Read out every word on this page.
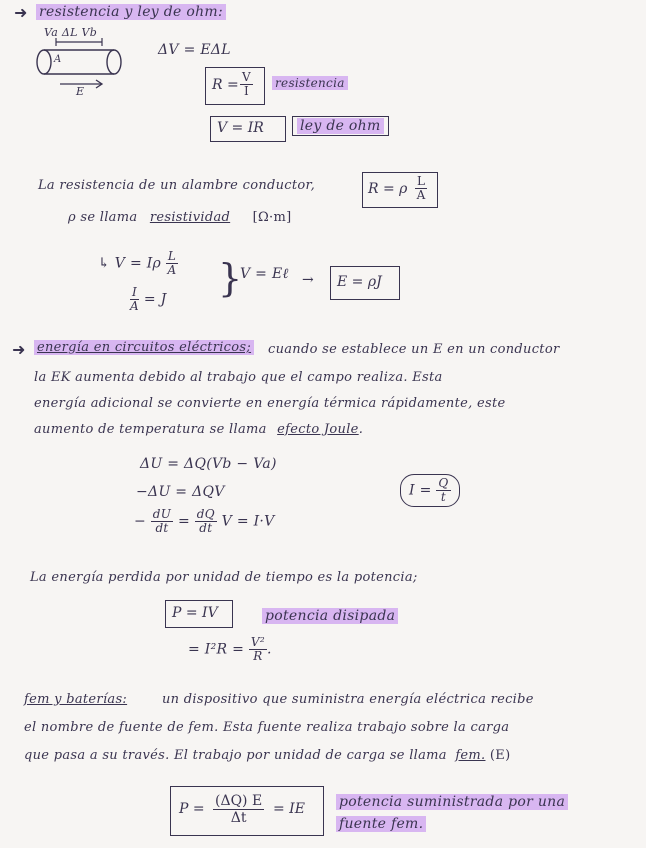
➜ resistencia y ley de ohm:
Va ΔL Vb
A
E
ΔV = EΔL
$R = \frac{V}{I}$ resistencia
V = IR	ley de ohm
La resistencia de un alambre conductor,	R = ρ $\frac{L}{A}$
ρ se llama resistividad [Ω·m]
↳ V = Iρ $\frac{L}{A}$
$\frac{I}{A} = J$ }
V = Eℓ → E = ρJ
➜ energía en circuitos eléctricos; cuando se establece un E en un conductor
la EK aumenta debido al trabajo que el campo realiza. Esta
energía adicional se convierte en energía térmica rápidamente, este
aumento de temperatura se llama efecto Joule.
ΔU = ΔQ(Vb − Va)
−ΔU = ΔQV
− $\frac{dU}{dt} = \frac{dQ}{dt}$ V = I·V
$I = \frac{Q}{t}$
La energía perdida por unidad de tiempo es la potencia;
P = IV	potencia disipada
= $I^2R = \frac{\text{V²}}{R}$ .
fem y baterías:	un dispositivo que suministra energía eléctrica recibe
el nombre de fuente de fem. Esta fuente realiza trabajo sobre la carga
que pasa a su través. El trabajo por unidad de carga se llama fem. (E)
$P = \frac{(\Delta Q) E}{\Delta t}$ = IE potencia suministrada por una
fuente fem.
